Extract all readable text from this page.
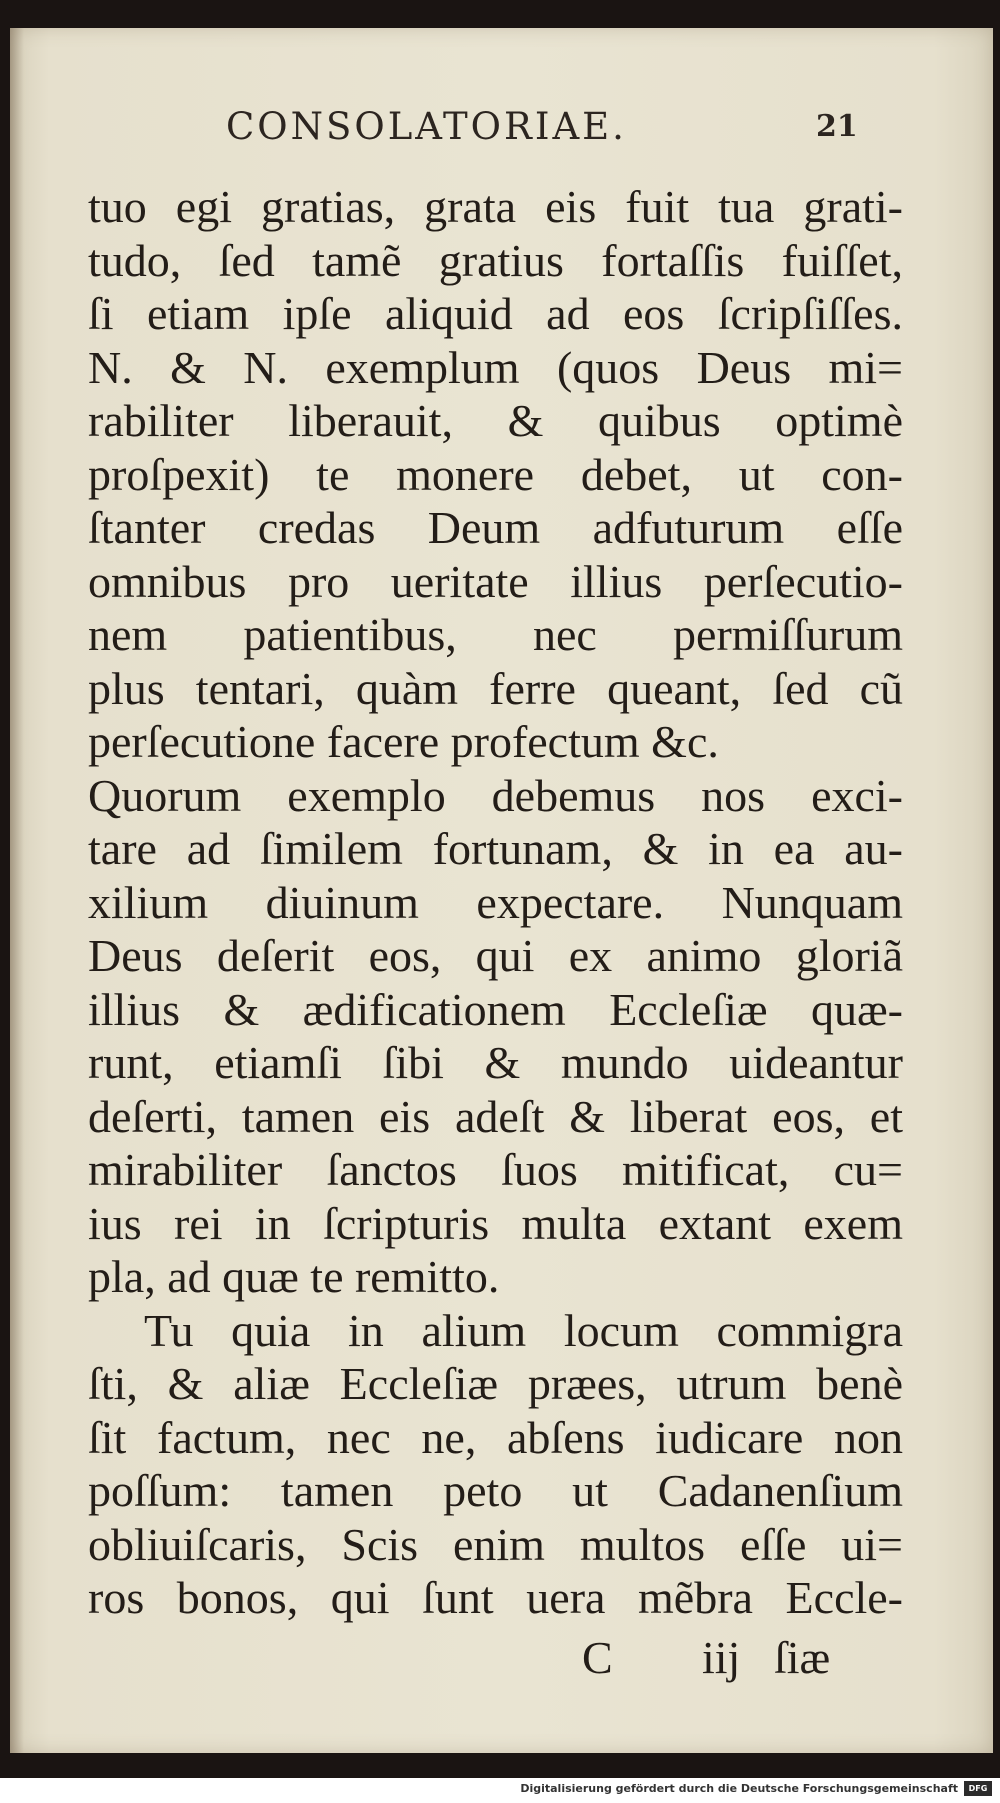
CONSOLATORIAE.	21
tuo egi gratias, grata eis fuit tua grati-
tudo, ſed tamẽ gratius fortaſſis fuiſſet,
ſi etiam ipſe aliquid ad eos ſcripſiſſes.
N. & N. exemplum (quos Deus mi=
rabiliter liberauit, & quibus optimè
proſpexit) te monere debet, ut con-
ſtanter credas Deum adfuturum eſſe
omnibus pro ueritate illius perſecutio-
nem patientibus, nec permiſſurum
plus tentari, quàm ferre queant, ſed cũ
perſecutione facere profectum &c.
Quorum exemplo debemus nos exci-
tare ad ſimilem fortunam, & in ea au-
xilium diuinum expectare. Nunquam
Deus deſerit eos, qui ex animo gloriã
illius & ædificationem Eccleſiæ quæ-
runt, etiamſi ſibi & mundo uideantur
deſerti, tamen eis adeſt & liberat eos, et
mirabiliter ſanctos ſuos mitificat, cu=
ius rei in ſcripturis multa extant exem
pla, ad quæ te remitto.
Tu quia in alium locum commigra
ſti, & aliæ Eccleſiæ præes, utrum benè
ſit factum, nec ne, abſens iudicare non
poſſum: tamen peto ut Cadanenſium
obliuiſcaris, Scis enim multos eſſe ui=
ros bonos, qui ſunt uera mẽbra Eccle-
C iij ſiæ
Digitalisierung gefördert durch die Deutsche Forschungsgemeinschaft	DFG
